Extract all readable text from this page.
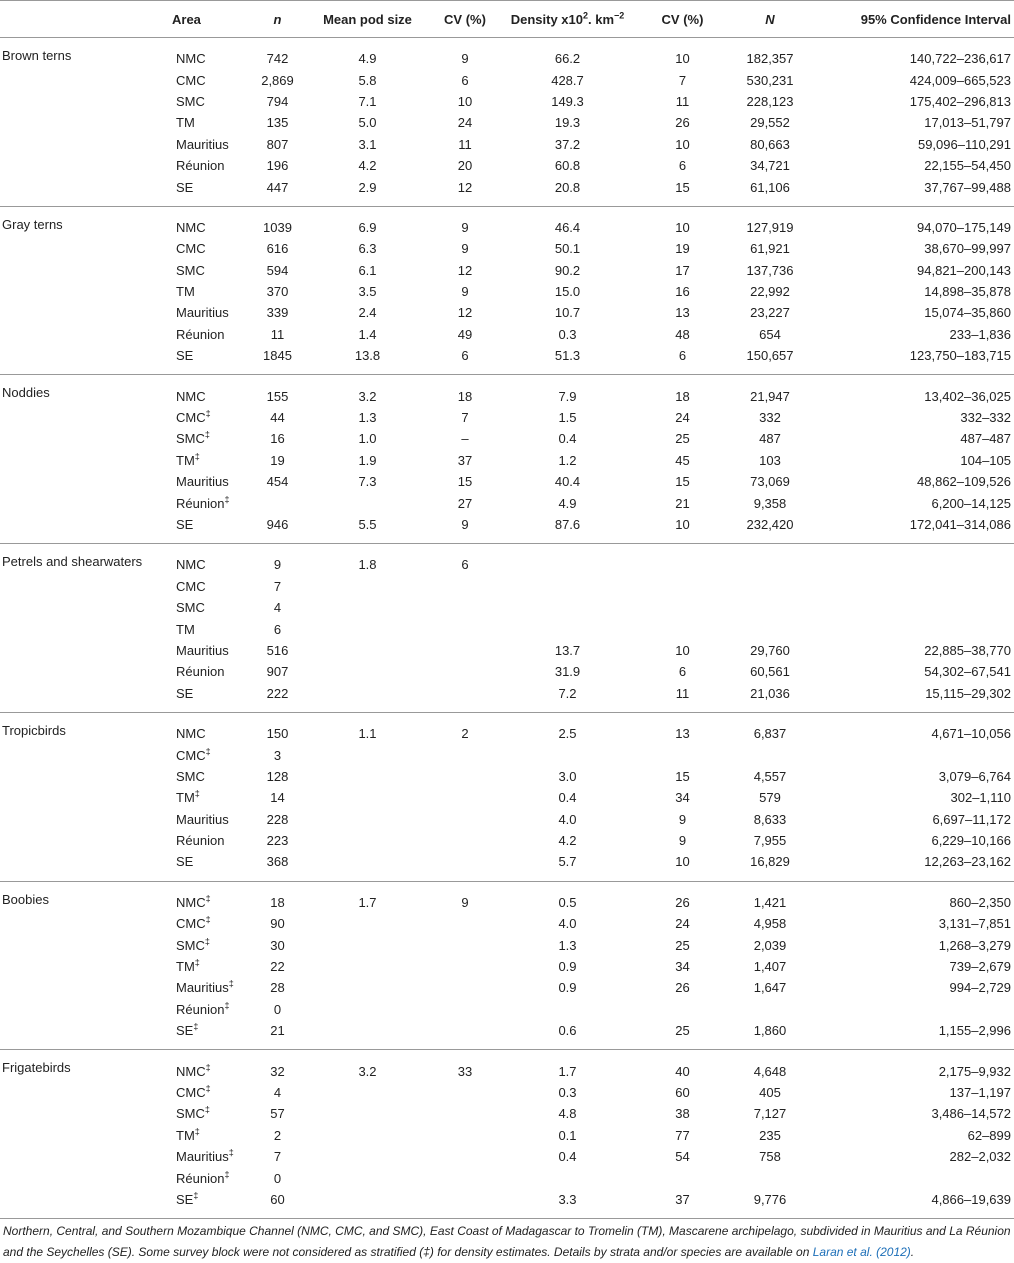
	Area	n	Mean pod size	CV (%)	Density $x10^2$. $km^{-2}$	CV (%)	N	95% Confidence Interval
Brown terns	NMC	742	4.9	9	66.2	10	182,357	140,722–236,617
	CMC	2,869	5.8	6	428.7	7	530,231	424,009–665,523
	SMC	794	7.1	10	149.3	11	228,123	175,402–296,813
	TM	135	5.0	24	19.3	26	29,552	17,013–51,797
	Mauritius	807	3.1	11	37.2	10	80,663	59,096–110,291
	Réunion	196	4.2	20	60.8	6	34,721	22,155–54,450
	SE	447	2.9	12	20.8	15	61,106	37,767–99,488
Gray terns	NMC	1039	6.9	9	46.4	10	127,919	94,070–175,149
	CMC	616	6.3	9	50.1	19	61,921	38,670–99,997
	SMC	594	6.1	12	90.2	17	137,736	94,821–200,143
	TM	370	3.5	9	15.0	16	22,992	14,898–35,878
	Mauritius	339	2.4	12	10.7	13	23,227	15,074–35,860
	Réunion	11	1.4	49	0.3	48	654	233–1,836
	SE	1845	13.8	6	51.3	6	150,657	123,750–183,715
Noddies	NMC	155	3.2	18	7.9	18	21,947	13,402–36,025
	CMC‡	44	1.3	7	1.5	24	332	332–332
	SMC‡	16	1.0	–	0.4	25	487	487–487
	TM‡	19	1.9	37	1.2	45	103	104–105
	Mauritius	454	7.3	15	40.4	15	73,069	48,862–109,526
	Réunion‡			27	4.9	21	9,358	6,200–14,125
	SE	946	5.5	9	87.6	10	232,420	172,041–314,086
Petrels and shearwaters	NMC	9	1.8	6				
	CMC	7						
	SMC	4						
	TM	6						
	Mauritius	516			13.7	10	29,760	22,885–38,770
	Réunion	907			31.9	6	60,561	54,302–67,541
	SE	222			7.2	11	21,036	15,115–29,302
Tropicbirds	NMC	150	1.1	2	2.5	13	6,837	4,671–10,056
	CMC‡	3						
	SMC	128			3.0	15	4,557	3,079–6,764
	TM‡	14			0.4	34	579	302–1,110
	Mauritius	228			4.0	9	8,633	6,697–11,172
	Réunion	223			4.2	9	7,955	6,229–10,166
	SE	368			5.7	10	16,829	12,263–23,162
Boobies	NMC‡	18	1.7	9	0.5	26	1,421	860–2,350
	CMC‡	90			4.0	24	4,958	3,131–7,851
	SMC‡	30			1.3	25	2,039	1,268–3,279
	TM‡	22			0.9	34	1,407	739–2,679
	Mauritius‡	28			0.9	26	1,647	994–2,729
	Réunion‡	0						
	SE‡	21			0.6	25	1,860	1,155–2,996
Frigatebirds	NMC‡	32	3.2	33	1.7	40	4,648	2,175–9,932
	CMC‡	4			0.3	60	405	137–1,197
	SMC‡	57			4.8	38	7,127	3,486–14,572
	TM‡	2			0.1	77	235	62–899
	Mauritius‡	7			0.4	54	758	282–2,032
	Réunion‡	0						
	SE‡	60			3.3	37	9,776	4,866–19,639
Northern, Central, and Southern Mozambique Channel (NMC, CMC, and SMC), East Coast of Madagascar to Tromelin (TM), Mascarene archipelago, subdivided in Mauritius and La Réunion and the Seychelles (SE). Some survey block were not considered as stratified (‡) for density estimates. Details by strata and/or species are available on Laran et al. (2012).
